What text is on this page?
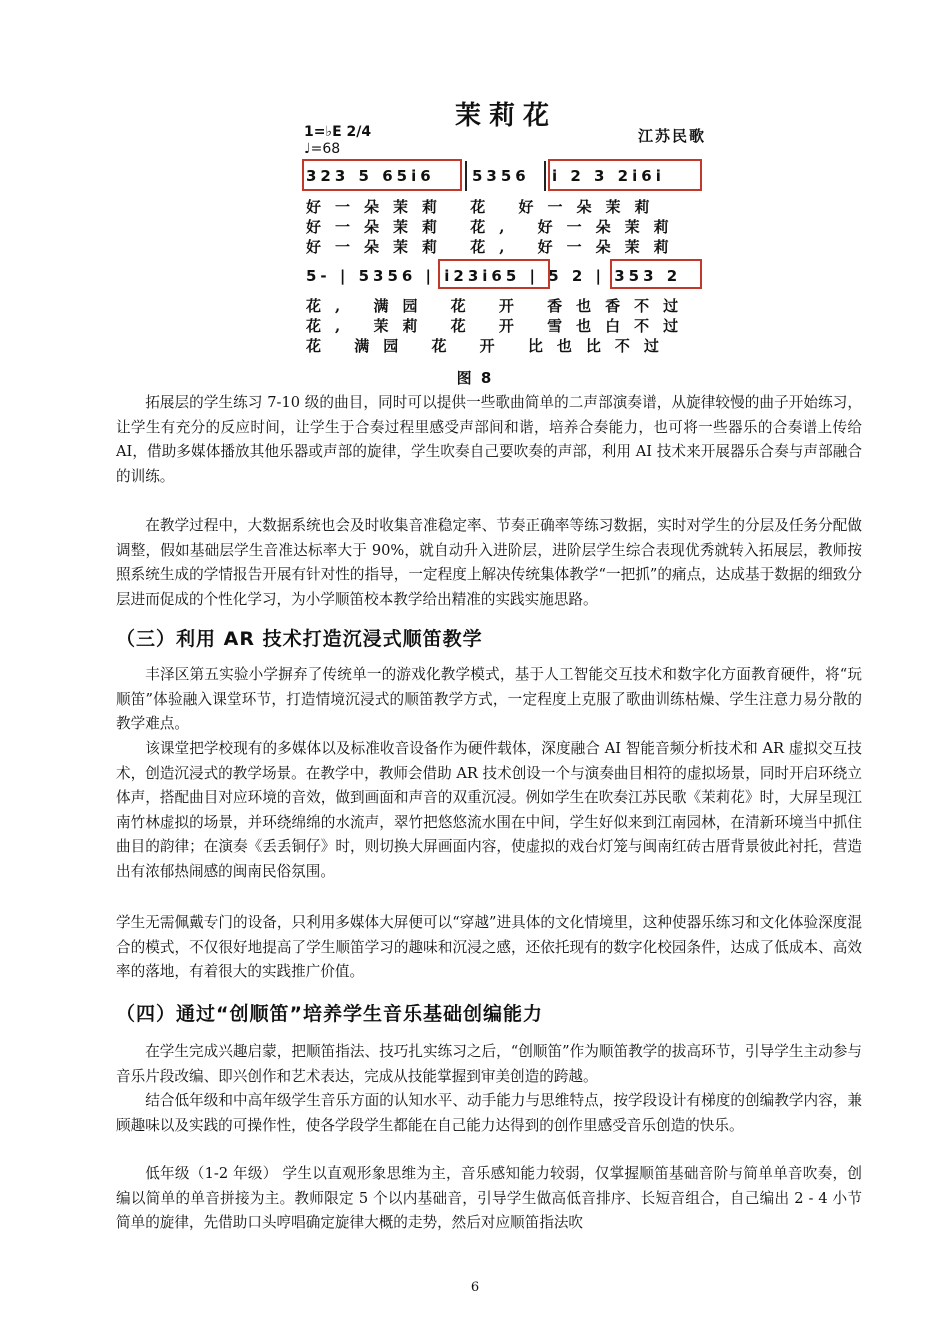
茉莉花
1=♭E 2/4
♩=68
江苏民歌
323 5 65i6 5356 i 2 3 2i6i
好一朵茉莉 花 好一朵茉莉
好一朵茉莉 花, 好一朵茉莉
好一朵茉莉 花, 好一朵茉莉
5- | 5356 | i23i65 | 5 2 | 353 2
花, 满园 花 开 香也香不过
花, 茉莉 花 开 雪也白不过
花 满园 花 开 比也比不过
图 8

拓展层的学生练习 7-10 级的曲目，同时可以提供一些歌曲简单的二声部演奏谱，从旋律较慢的曲子开始练习，让学生有充分的反应时间，让学生于合奏过程里感受声部间和谐，培养合奏能力，也可将一些器乐的合奏谱上传给 AI，借助多媒体播放其他乐器或声部的旋律，学生吹奏自己要吹奏的声部，利用 AI 技术来开展器乐合奏与声部融合的训练。

在教学过程中，大数据系统也会及时收集音准稳定率、节奏正确率等练习数据，实时对学生的分层及任务分配做调整，假如基础层学生音准达标率大于 90%，就自动升入进阶层，进阶层学生综合表现优秀就转入拓展层，教师按照系统生成的学情报告开展有针对性的指导，一定程度上解决传统集体教学“一把抓”的痛点，达成基于数据的细致分层进而促成的个性化学习，为小学顺笛校本教学给出精准的实践实施思路。

（三）利用 AR 技术打造沉浸式顺笛教学

丰泽区第五实验小学摒弃了传统单一的游戏化教学模式，基于人工智能交互技术和数字化方面教育硬件，将“玩顺笛”体验融入课堂环节，打造情境沉浸式的顺笛教学方式，一定程度上克服了歌曲训练枯燥、学生注意力易分散的教学难点。

该课堂把学校现有的多媒体以及标准收音设备作为硬件载体，深度融合 AI 智能音频分析技术和 AR 虚拟交互技术，创造沉浸式的教学场景。在教学中，教师会借助 AR 技术创设一个与演奏曲目相符的虚拟场景，同时开启环绕立体声，搭配曲目对应环境的音效，做到画面和声音的双重沉浸。例如学生在吹奏江苏民歌《茉莉花》时，大屏呈现江南竹林虚拟的场景，并环绕绵绵的水流声，翠竹把悠悠流水围在中间，学生好似来到江南园林，在清新环境当中抓住曲目的韵律；在演奏《丢丢铜仔》时，则切换大屏画面内容，使虚拟的戏台灯笼与闽南红砖古厝背景彼此衬托，营造出有浓郁热闹感的闽南民俗氛围。

学生无需佩戴专门的设备，只利用多媒体大屏便可以“穿越”进具体的文化情境里，这种使器乐练习和文化体验深度混合的模式，不仅很好地提高了学生顺笛学习的趣味和沉浸之感，还依托现有的数字化校园条件，达成了低成本、高效率的落地，有着很大的实践推广价值。

（四）通过“创顺笛”培养学生音乐基础创编能力

在学生完成兴趣启蒙，把顺笛指法、技巧扎实练习之后，“创顺笛”作为顺笛教学的拔高环节，引导学生主动参与音乐片段改编、即兴创作和艺术表达，完成从技能掌握到审美创造的跨越。

结合低年级和中高年级学生音乐方面的认知水平、动手能力与思维特点，按学段设计有梯度的创编教学内容，兼顾趣味以及实践的可操作性，使各学段学生都能在自己能力达得到的创作里感受音乐创造的快乐。

低年级（1-2 年级） 学生以直观形象思维为主，音乐感知能力较弱，仅掌握顺笛基础音阶与简单单音吹奏，创编以简单的单音拼接为主。教师限定 5 个以内基础音，引导学生做高低音排序、长短音组合，自己编出 2 - 4 小节简单的旋律，先借助口头哼唱确定旋律大概的走势，然后对应顺笛指法吹

6
